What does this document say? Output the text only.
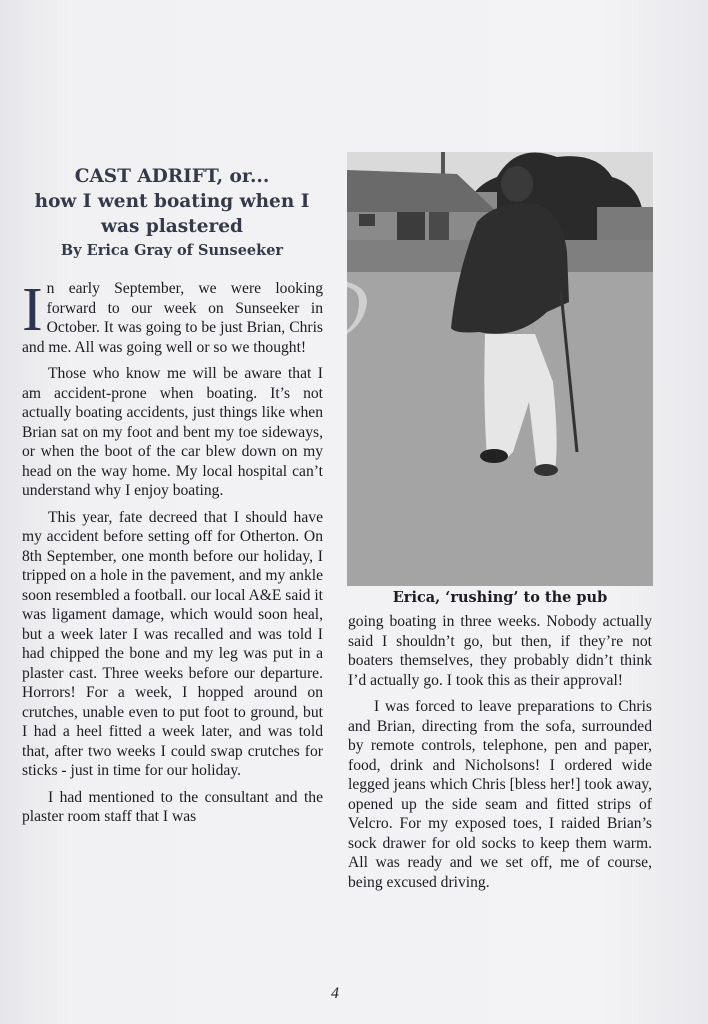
CAST ADRIFT, or...
how I went boating when I was plastered
By Erica Gray of Sunseeker

In early September, we were looking forward to our week on Sunseeker in October. It was going to be just Brian, Chris and me. All was going well or so we thought!

Those who know me will be aware that I am accident-prone when boating. It’s not actually boating accidents, just things like when Brian sat on my foot and bent my toe sideways, or when the boot of the car blew down on my head on the way home. My local hospital can’t understand why I enjoy boating.

This year, fate decreed that I should have my accident before setting off for Otherton. On 8th September, one month before our holiday, I tripped on a hole in the pavement, and my ankle soon resembled a football. our local A&E said it was ligament damage, which would soon heal, but a week later I was recalled and was told I had chipped the bone and my leg was put in a plaster cast. Three weeks before our departure. Horrors! For a week, I hopped around on crutches, unable even to put foot to ground, but I had a heel fitted a week later, and was told that, after two weeks I could swap crutches for sticks - just in time for our holiday.

I had mentioned to the consultant and the plaster room staff that I was

Erica, ‘rushing’ to the pub

going boating in three weeks. Nobody actually said I shouldn’t go, but then, if they’re not boaters themselves, they probably didn’t think I’d actually go. I took this as their approval!

I was forced to leave preparations to Chris and Brian, directing from the sofa, surrounded by remote controls, telephone, pen and paper, food, drink and Nicholsons! I ordered wide legged jeans which Chris [bless her!] took away, opened up the side seam and fitted strips of Velcro. For my exposed toes, I raided Brian’s sock drawer for old socks to keep them warm. All was ready and we set off, me of course, being excused driving.

4
